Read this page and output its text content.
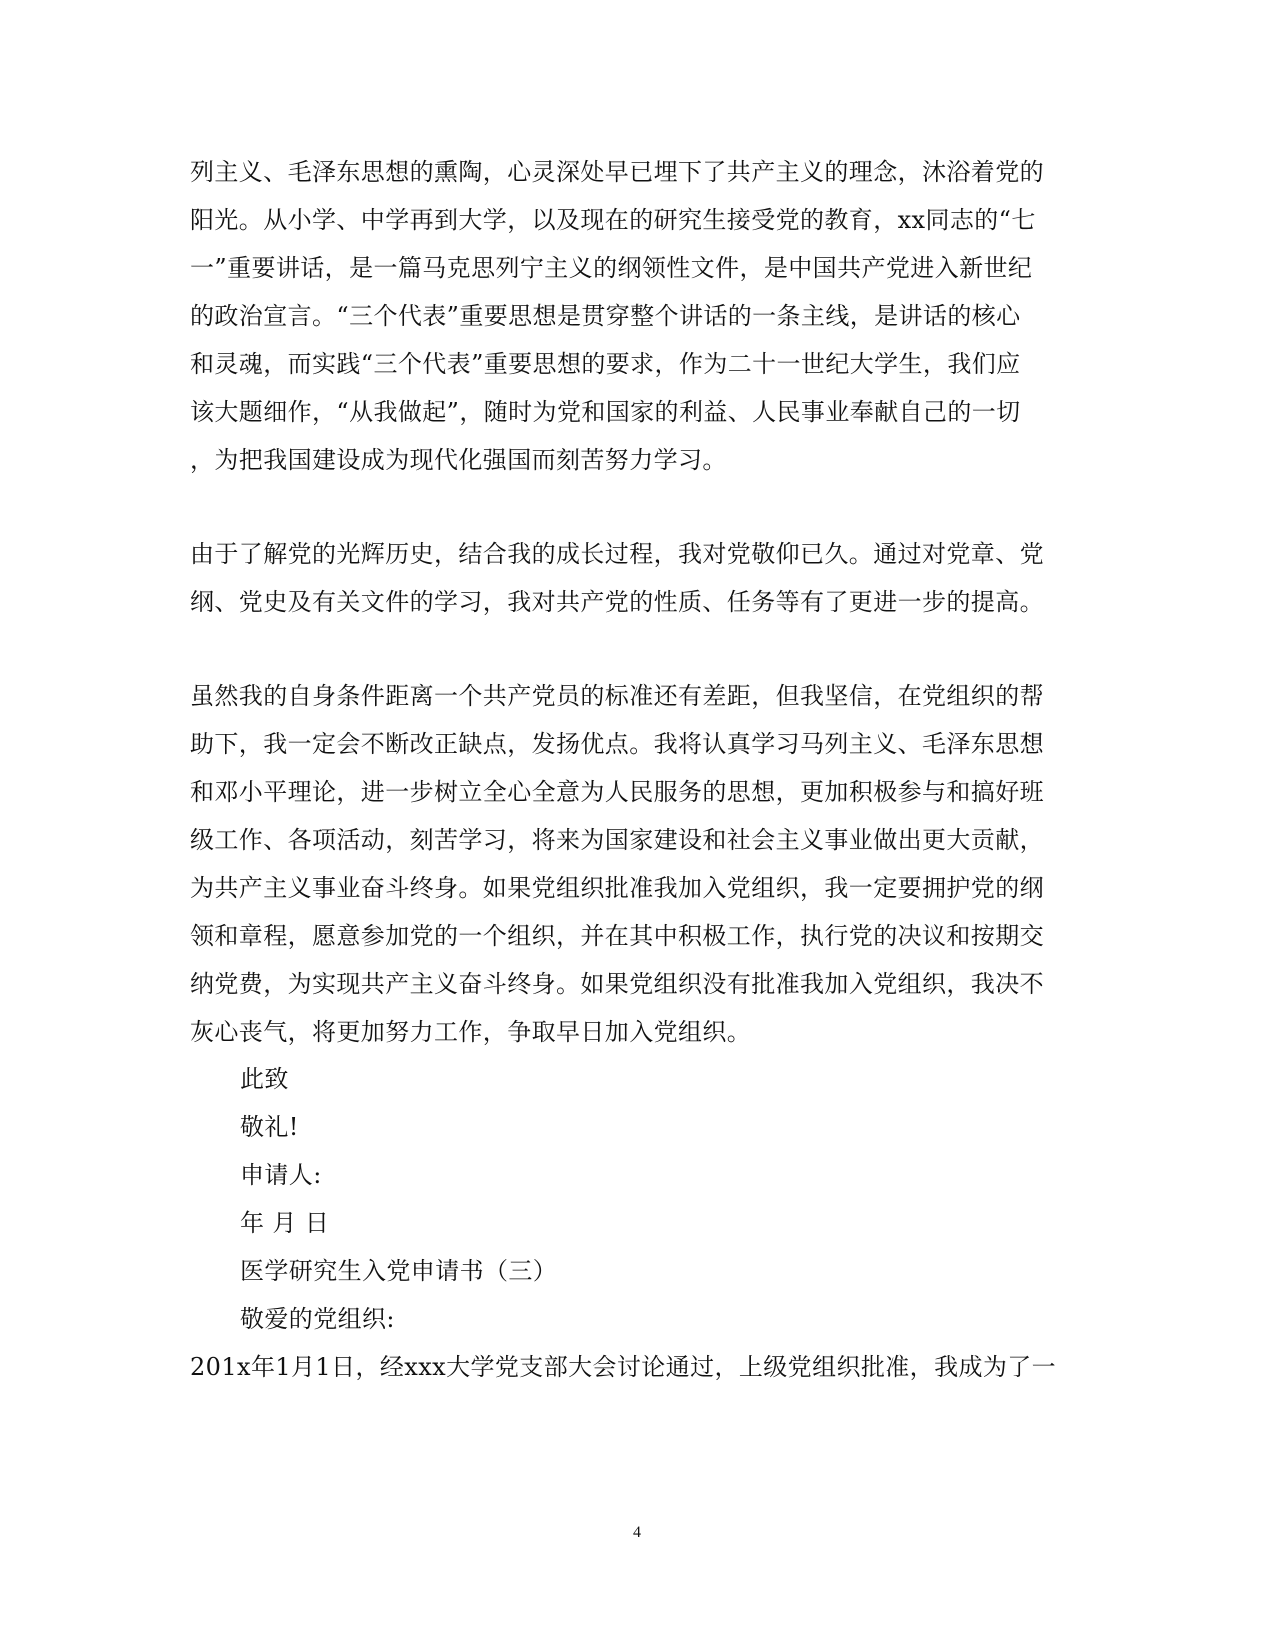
列主义、毛泽东思想的熏陶，心灵深处早已埋下了共产主义的理念，沐浴着党的
阳光。从小学、中学再到大学，以及现在的研究生接受党的教育，xx同志的“七
一”重要讲话，是一篇马克思列宁主义的纲领性文件，是中国共产党进入新世纪
的政治宣言。“三个代表”重要思想是贯穿整个讲话的一条主线，是讲话的核心
和灵魂，而实践“三个代表”重要思想的要求，作为二十一世纪大学生，我们应
该大题细作，“从我做起”，随时为党和国家的利益、人民事业奉献自己的一切
，为把我国建设成为现代化强国而刻苦努力学习。
由于了解党的光辉历史，结合我的成长过程，我对党敬仰已久。通过对党章、党
纲、党史及有关文件的学习，我对共产党的性质、任务等有了更进一步的提高。
虽然我的自身条件距离一个共产党员的标准还有差距，但我坚信，在党组织的帮
助下，我一定会不断改正缺点，发扬优点。我将认真学习马列主义、毛泽东思想
和邓小平理论，进一步树立全心全意为人民服务的思想，更加积极参与和搞好班
级工作、各项活动，刻苦学习，将来为国家建设和社会主义事业做出更大贡献，
为共产主义事业奋斗终身。如果党组织批准我加入党组织，我一定要拥护党的纲
领和章程，愿意参加党的一个组织，并在其中积极工作，执行党的决议和按期交
纳党费，为实现共产主义奋斗终身。如果党组织没有批准我加入党组织，我决不
灰心丧气，将更加努力工作，争取早日加入党组织。
此致
敬礼!
申请人:
年 月 日
医学研究生入党申请书（三）
敬爱的党组织:
201x年1月1日，经xxx大学党支部大会讨论通过，上级党组织批准，我成为了一
4
